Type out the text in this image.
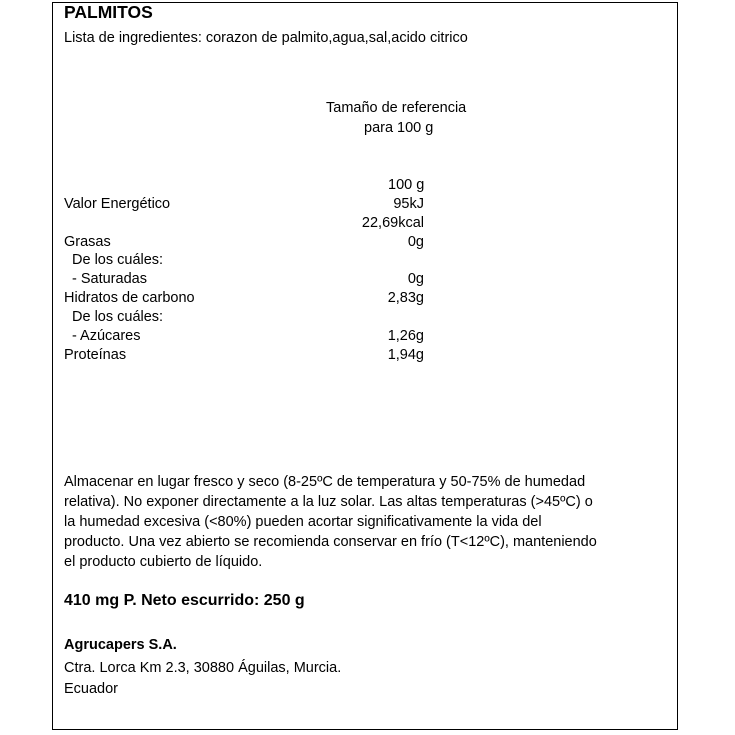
PALMITOS
Lista de ingredientes: corazon de palmito,agua,sal,acido citrico
Tamaño de referencia
para 100 g
100 g
Valor Energético	95kJ
22,69kcal
Grasas	0g
De los cuáles:
- Saturadas	0g
Hidratos de carbono	2,83g
De los cuáles:
- Azúcares	1,26g
Proteínas	1,94g
Almacenar en lugar fresco y seco (8-25ºC de temperatura y 50-75% de humedad
relativa). No exponer directamente a la luz solar. Las altas temperaturas (>45ºC) o
la humedad excesiva (<80%) pueden acortar significativamente la vida del
producto. Una vez abierto se recomienda conservar en frío (T<12ºC), manteniendo
el producto cubierto de líquido.
410 mg P. Neto escurrido: 250 g
Agrucapers S.A.
Ctra. Lorca Km 2.3, 30880 Águilas, Murcia.
Ecuador
